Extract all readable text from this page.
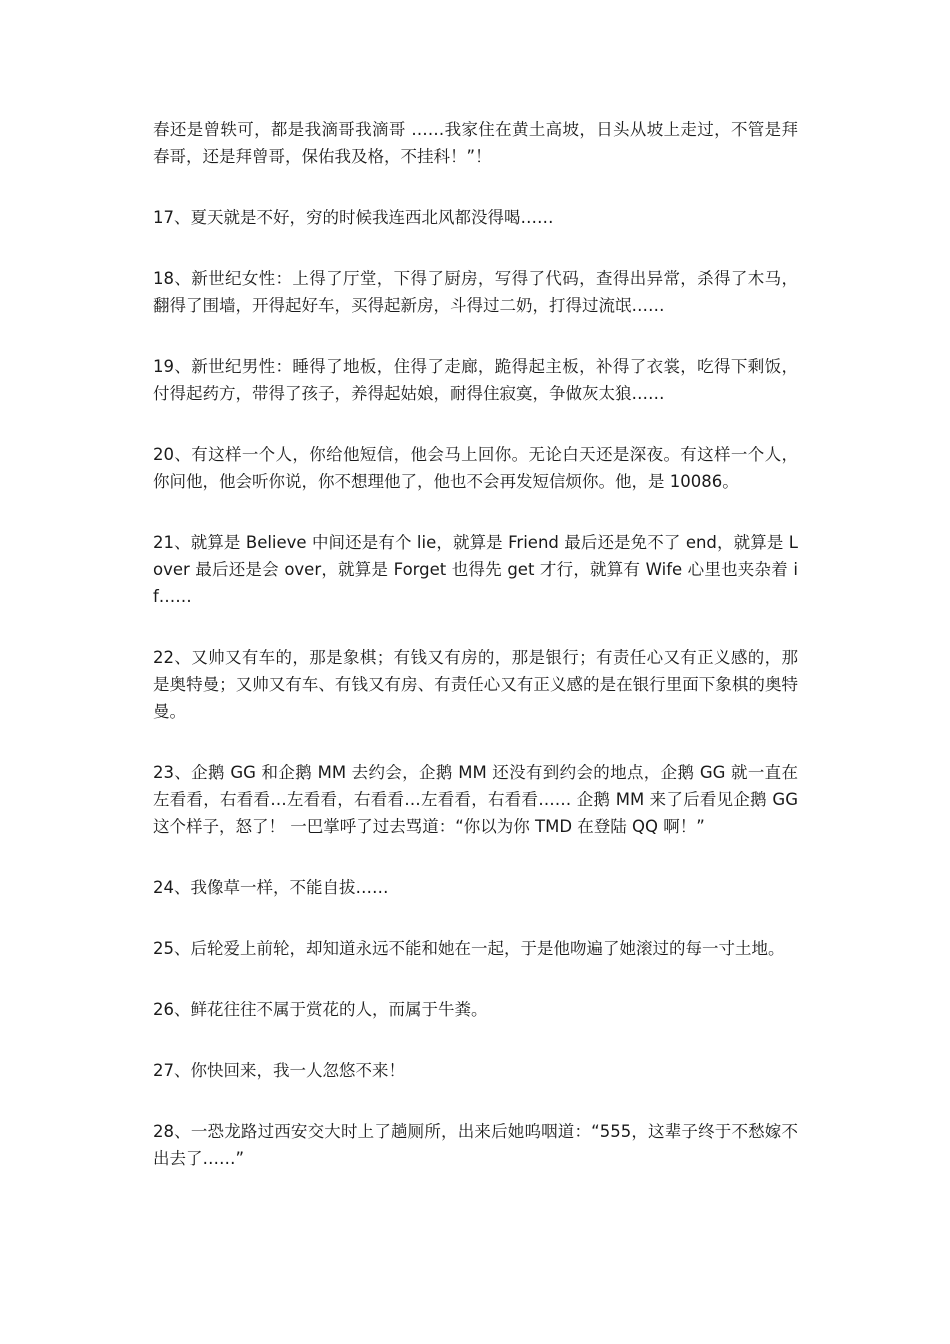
春还是曾轶可，都是我滴哥我滴哥 ……我家住在黄土高坡，日头从坡上走过，不管是拜春哥，还是拜曾哥，保佑我及格，不挂科！”！

17、夏天就是不好，穷的时候我连西北风都没得喝……

18、新世纪女性：上得了厅堂，下得了厨房，写得了代码，查得出异常，杀得了木马，翻得了围墙，开得起好车，买得起新房，斗得过二奶，打得过流氓……

19、新世纪男性：睡得了地板，住得了走廊，跪得起主板，补得了衣裳，吃得下剩饭，付得起药方，带得了孩子，养得起姑娘，耐得住寂寞，争做灰太狼……

20、有这样一个人，你给他短信，他会马上回你。无论白天还是深夜。有这样一个人，你问他，他会听你说，你不想理他了，他也不会再发短信烦你。他，是 10086。

21、就算是 Believe 中间还是有个 lie，就算是 Friend 最后还是免不了 end，就算是 Lover 最后还是会 over，就算是 Forget 也得先 get 才行，就算有 Wife 心里也夹杂着 if……

22、又帅又有车的，那是象棋；有钱又有房的，那是银行；有责任心又有正义感的，那是奥特曼；又帅又有车、有钱又有房、有责任心又有正义感的是在银行里面下象棋的奥特曼。

23、企鹅 GG 和企鹅 MM 去约会，企鹅 MM 还没有到约会的地点，企鹅 GG 就一直在左看看，右看看…左看看，右看看…左看看，右看看…… 企鹅 MM 来了后看见企鹅 GG 这个样子，怒了！ 一巴掌呼了过去骂道：“你以为你 TMD 在登陆 QQ 啊！”

24、我像草一样，不能自拔……

25、后轮爱上前轮，却知道永远不能和她在一起，于是他吻遍了她滚过的每一寸土地。

26、鲜花往往不属于赏花的人，而属于牛粪。

27、你快回来，我一人忽悠不来！

28、一恐龙路过西安交大时上了趟厕所，出来后她呜咽道：“555，这辈子终于不愁嫁不出去了……”
